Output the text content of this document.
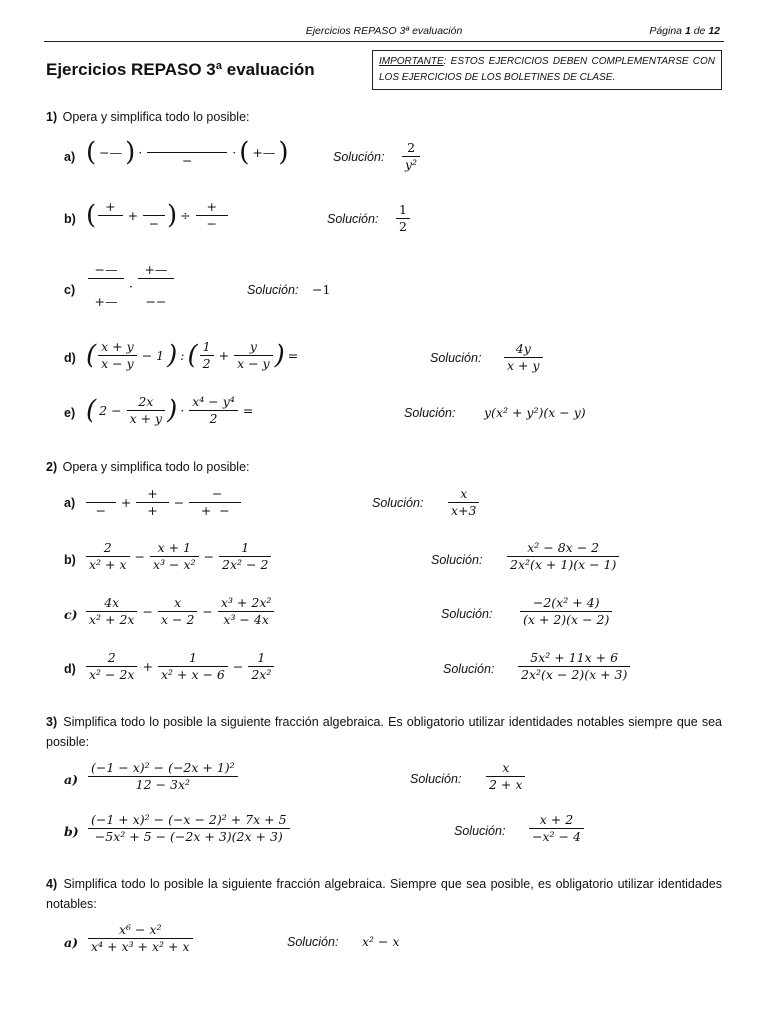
Ejercicios REPASO 3ª evaluación	Página 1 de 12
Ejercicios REPASO 3ª evaluación	IMPORTANTE: ESTOS EJERCICIOS DEBEN COMPLEMENTARSE CON LOS EJERCICIOS DE LOS BOLETINES DE CLASE.
1) Opera y simplifica todo lo posible:
a) ( −— ) ·

−
· ( +— )	Solución: $\frac{2}{\text{y²}}$
b) ( +

+

− ) ÷
+
−	Solución: $\frac{1}{2}$
c)
−—
+—
·
+—
−−
Solución: −1
d) ( $\frac{x + y}{x - y} - 1$ ) : ( $\frac{1}{2} + \frac{y}{x - y}$ ) =	Solución: $\frac{4y}{x + y}$
e) ( $2 - \frac{2x}{x + y}$ ) · $\frac{\text{x⁴ − y⁴}}{2}$ =	Solución: y(x² + y²)(x − y)
2) Opera y simplifica todo lo posible:
a)
	−
+
+
+
−
−
+  −	Solución: $\frac{x}{x+3}$
$b) \frac{2}{\text{x² + x}} - \frac{x + 1}{\text{x³ − x²}} - \frac{1}{\text{2x² − 2}}$	Solución: $\frac{\text{x² − 8x − 2}}{\text{2x²(x + 1)(x − 1)}}$
$c) \frac{4x}{\text{x² + 2x}} - \frac{x}{x - 2} - \frac{\text{x³ + 2x²}}{\text{x³ − 4x}}$	Solución: $\frac{\text{−2(x² + 4)}}{(x + 2)(x - 2)}$
$d) \frac{2}{\text{x² − 2x}} + \frac{1}{\text{x² + x − 6}} - \frac{1}{\text{2x²}}$	Solución: $\frac{\text{5x² + 11x + 6}}{\text{2x²(x − 2)(x + 3)}}$
3) Simplifica todo lo posible la siguiente fracción algebraica. Es obligatorio utilizar identidades notables siempre que sea posible:
$a) \frac{\text{(−1 − x)² − (−2x + 1)²}}{\text{12 − 3x²}}$	Solución: $\frac{x}{2 + x}$
$b) \frac{\text{(−1 + x)² − (−x − 2)² + 7x + 5}}{\text{−5x² + 5 − (−2x + 3)(2x + 3)}}$	Solución: $\frac{x + 2}{\text{−x² − 4}}$
4) Simplifica todo lo posible la siguiente fracción algebraica. Siempre que sea posible, es obligatorio utilizar identidades notables:
$a) \frac{\text{x⁶ − x²}}{\text{x⁴ + x³ + x² + x}}$	Solución: x² − x
